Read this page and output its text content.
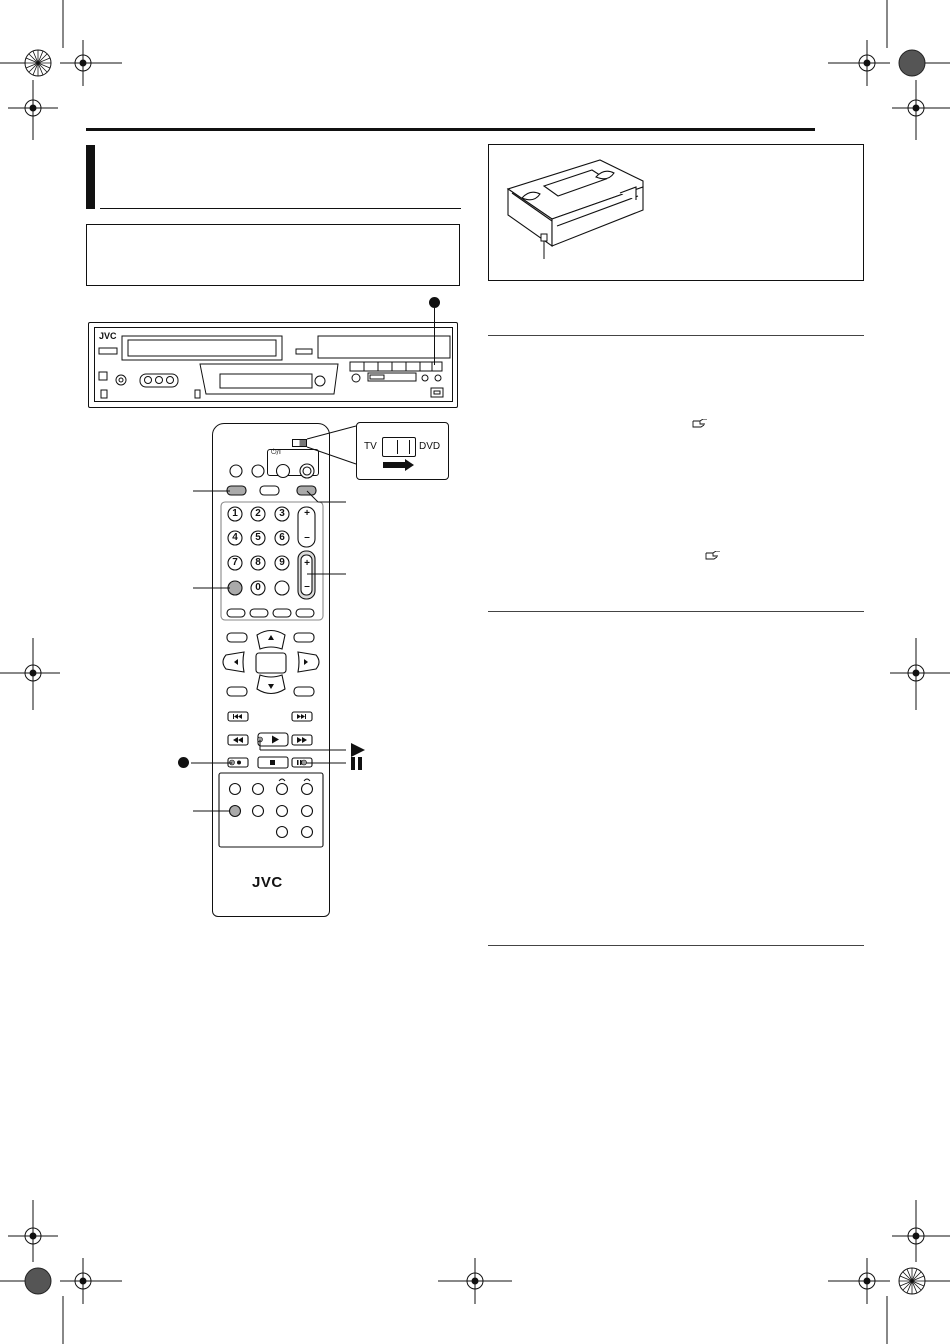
JVC
TV	DVD
⏻/I
1	2	3
4	5	6
7	8	9
0
+
–
+
–
JVC
